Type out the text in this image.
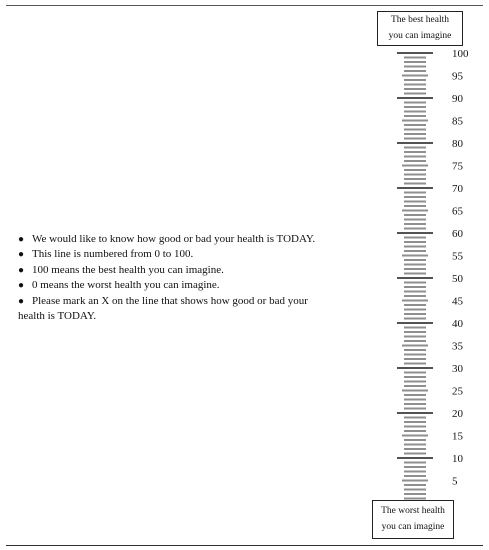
The best health
you can imagine
● We would like to know how good or bad your health is TODAY.
● This line is numbered from 0 to 100.
● 100 means the best health you can imagine.
● 0 means the worst health you can imagine.
● Please mark an X on the line that shows how good or bad your
health is TODAY.
5
10
15
20
25
30
35
40
45
50
55
60
65
70
75
80
85
90
95
100
The worst health
you can imagine
